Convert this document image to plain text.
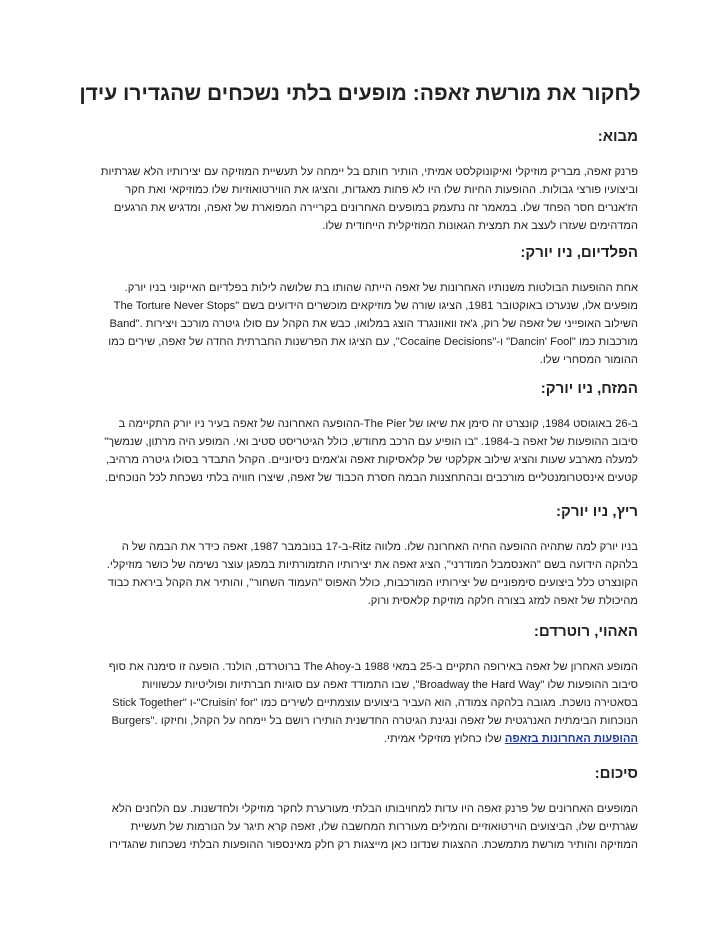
לחקור את מורשת זאפה: מופעים בלתי נשכחים שהגדירו עידן
מבוא:

פרנק זאפה, מבריק מוזיקלי ואיקונוקלסט אמיתי, הותיר חותם בל יימחה על תעשיית המוזיקה עם יצירותיו הלא שגרתיות
וביצועיו פורצי גבולות. ההופעות החיות שלו היו לא פחות מאגדות, והציגו את הווירטואוזיות שלו כמוזיקאי ואת חקר
הז'אנרים חסר הפחד שלו. במאמר זה נתעמק במופעים האחרונים בקריירה המפוארת של זאפה, ומדגיש את הרגעים
המדהימים שעזרו לעצב את תמצית הגאונות המוזיקלית הייחודית שלו.

הפלדיום, ניו יורק:

אחת ההופעות הבולטות משנותיו האחרונות של זאפה הייתה שהותו בת שלושה לילות בפלדיום האייקוני בניו יורק.
מופעים אלו, שנערכו באוקטובר 1981, הציגו שורה של מוזיקאים מוכשרים הידועים בשם "The Torture Never Stops
Band". השילוב האופייני של זאפה של רוק, ג'אז וואוונגרד הוצג במלואו, כבש את הקהל עם סולו גיטרה מורכב ויצירות
מורכבות כמו "Dancin' Fool" ו-"Cocaine Decisions", עם הציגו את הפרשנות החברתית החדה של זאפה, שירים כמו
ההומור המסחרי שלו.

המזח, ניו יורק:

ב-26 באוגוסט 1984, קונצרט זה סימן את שיאו של The Pier-ההופעה האחרונה של זאפה בעיר ניו יורק התקיימה ב
סיבוב ההופעות של זאפה ב-1984. "בו הופיע עם הרכב מחודש, כולל הגיטריסט סטיב ואי. המופע היה מרתון, שנמשך"
למעלה מארבע שעות והציג שילוב אקלקטי של קלאסיקות זאפה וג'אמים ניסיוניים. הקהל התבדר בסולו גיטרה מרהיב,
קטעים אינסטרומנטליים מורכבים ובהתחצנות הבמה חסרת הכבוד של זאפה, שיצרו חוויה בלתי נשכחת לכל הנוכחים.

ריץ, ניו יורק:

בניו יורק למה שתהיה ההופעה החיה האחרונה שלו. מלווה Ritz-ב-17 בנובמבר 1987, זאפה כידר את הבמה של ה
בלהקה הידועה בשם "האנסמבל המודרני", הציג זאפה את יצירותיו התזמורתיות במפגן עוצר נשימה של כושר מוזיקלי.
הקונצרט כלל ביצועים סימפוניים של יצירותיו המורכבות, כולל האפוס "העמוד השחור", והותיר את הקהל ביראת כבוד
מהיכולת של זאפה למזג בצורה חלקה מוזיקת קלאסית ורוק.

האהוי, רוטרדם:

המופע האחרון של זאפה באירופה התקיים ב-25 במאי 1988 ב-The Ahoy ברוטרדם, הולנד. הופעה זו סימנה את סוף
סיבוב ההופעות שלו "Broadway the Hard Way", שבו התמודד זאפה עם סוגיות חברתיות ופוליטיות עכשוויות
Stick Together" ו-"Cruisin' for" בסאטירה נושכת. מגובה בלהקה צמודה, הוא העביר ביצועים עוצמתיים לשירים כמו
Burgers". הנוכחות הבימתית האנרגטית של זאפה ונגינת הגיטרה החדשנית הותירו רושם בל יימחה על הקהל, וחיזקו
ההופעות האחרונות בזאפה שלו כחלוץ מוזיקלי אמיתי.

סיכום:

המופעים האחרונים של פרנק זאפה היו עדות למחויבותו הבלתי מעורערת לחקר מוזיקלי ולחדשנות. עם הלחנים הלא
שגרתיים שלו, הביצועים הוירטואוזיים והמילים מעוררות המחשבה שלו, זאפה קרא תיגר על הנורמות של תעשיית
המוזיקה והותיר מורשת מתמשכת. ההצגות שנדונו כאן מייצגות רק חלק מאינספור ההופעות הבלתי נשכחות שהגדירו
